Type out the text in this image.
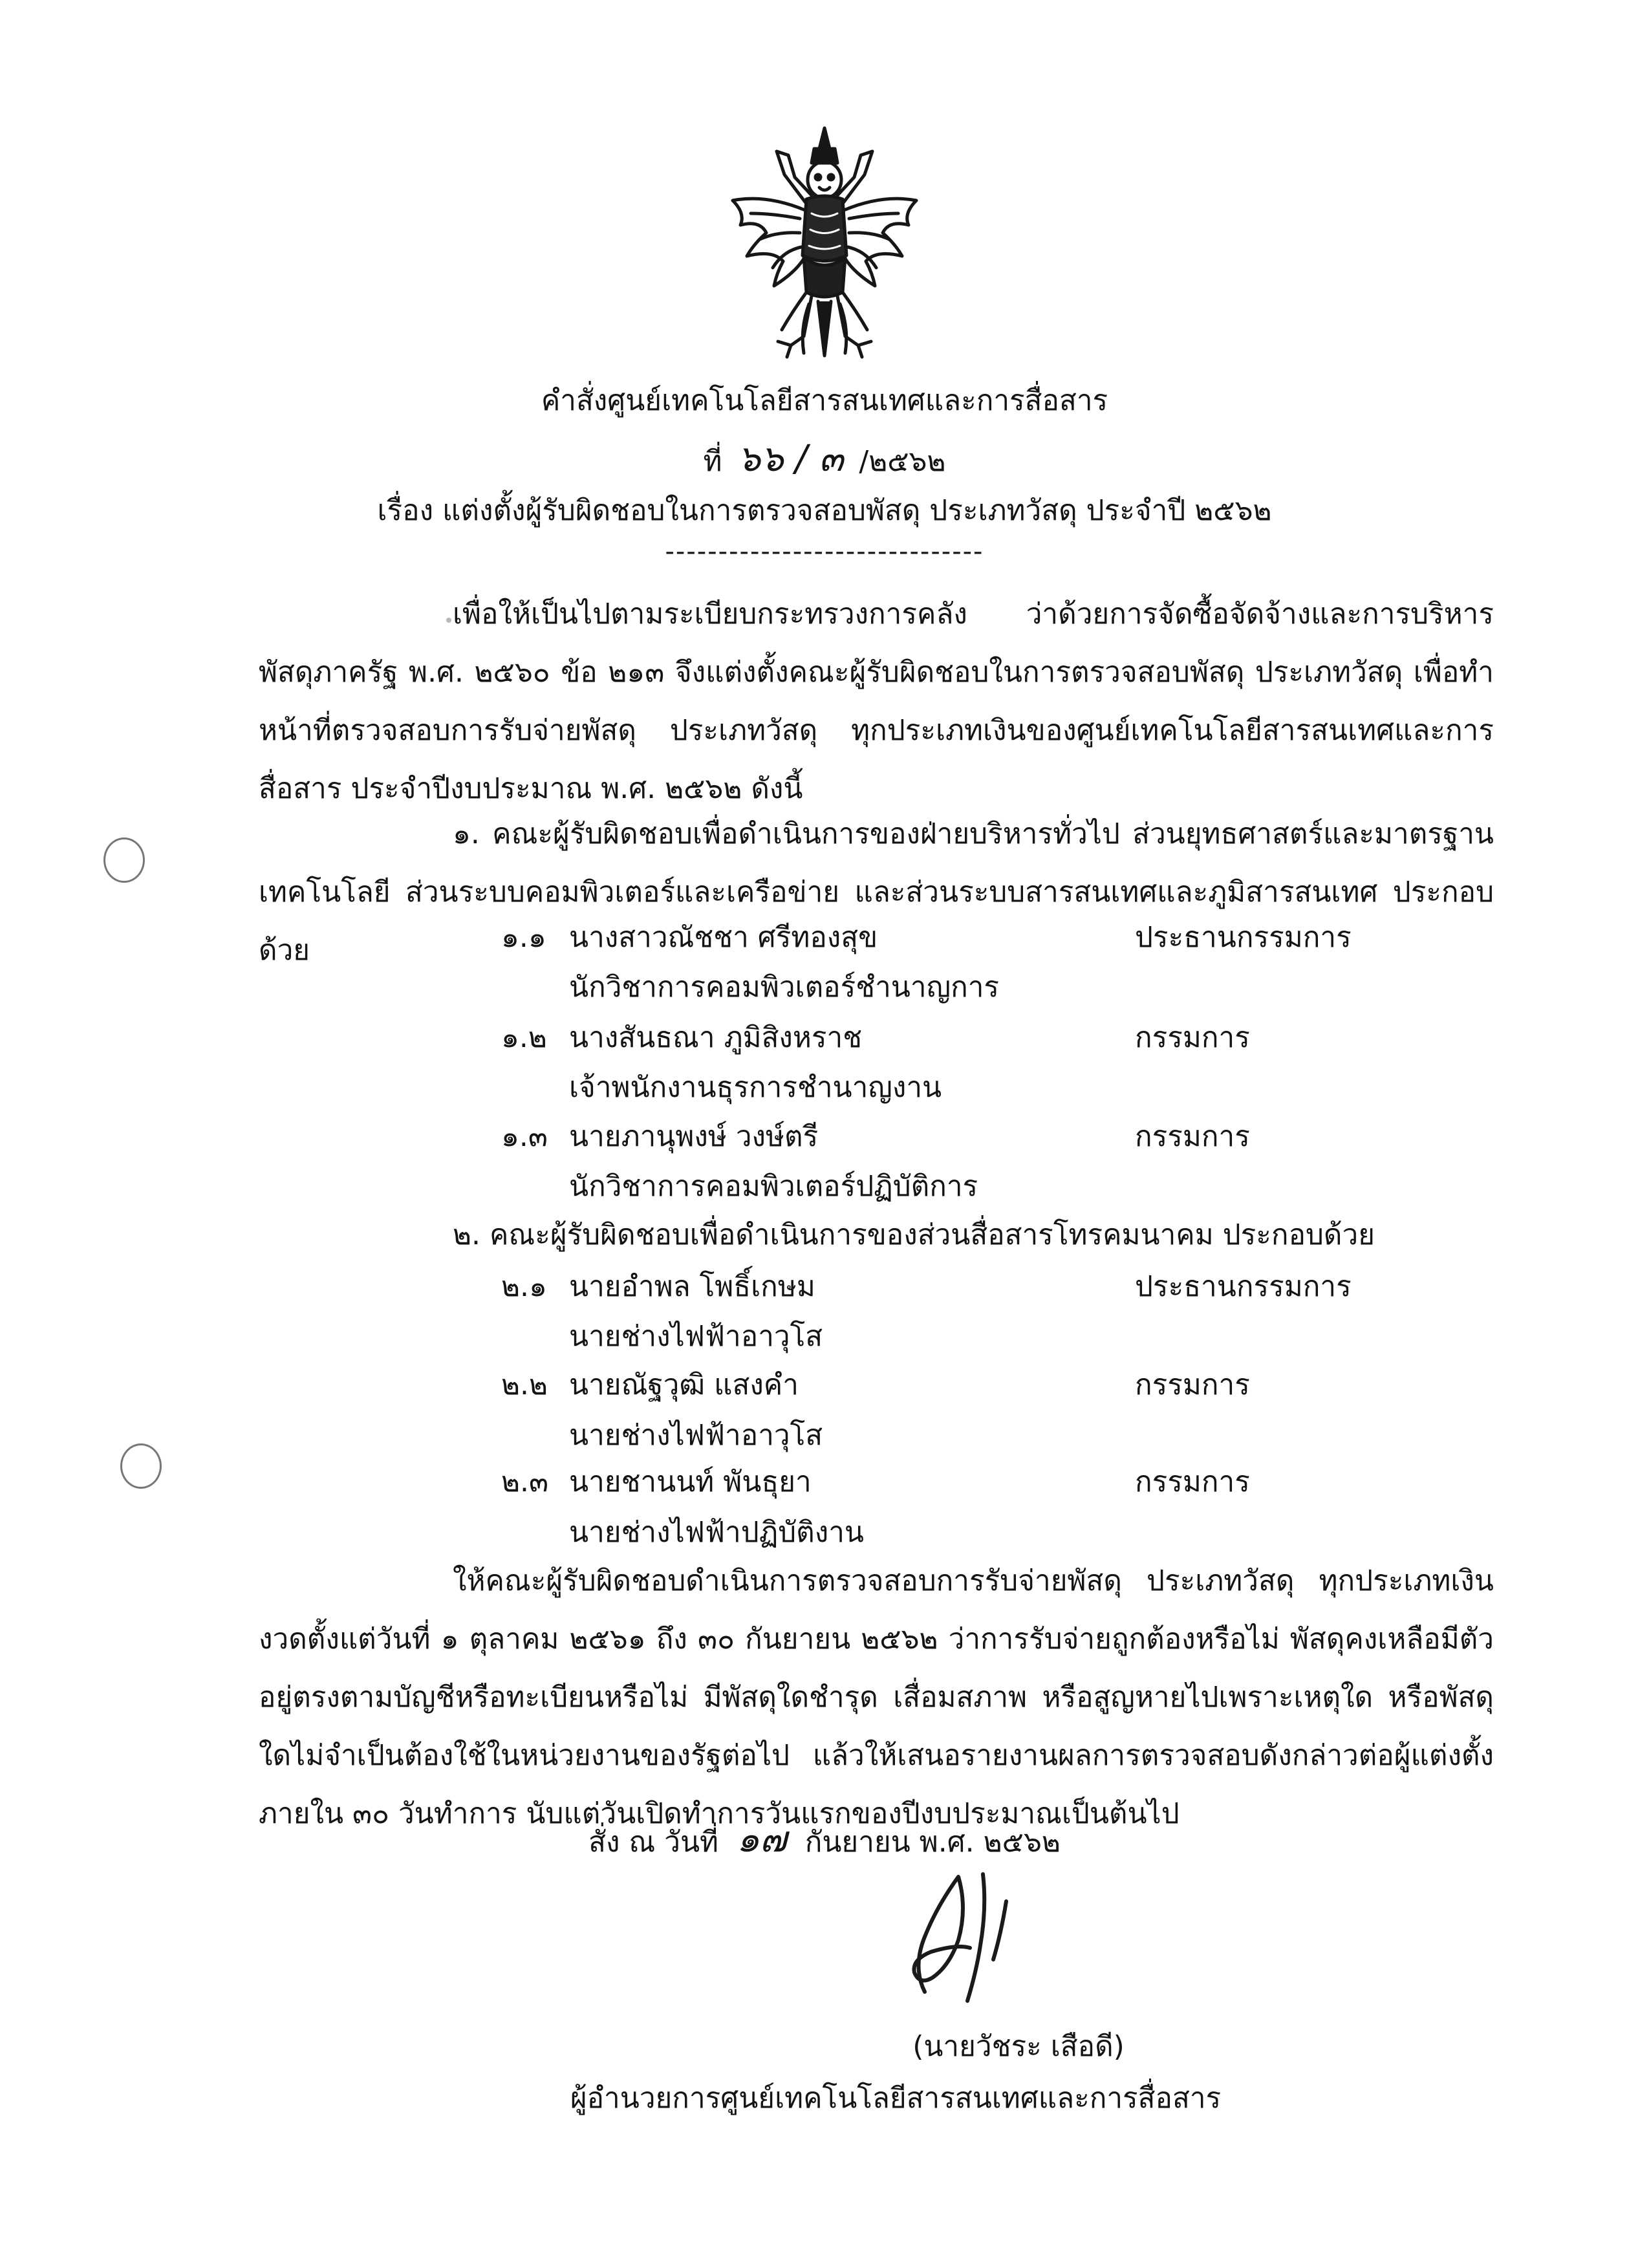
คำสั่งศูนย์เทคโนโลยีสารสนเทศและการสื่อสาร
ที่ ๖๖ / ๓ /๒๕๖๒
เรื่อง แต่งตั้งผู้รับผิดชอบในการตรวจสอบพัสดุ ประเภทวัสดุ ประจำปี ๒๕๖๒
------------------------------
เพื่อให้เป็นไปตามระเบียบกระทรวงการคลัง ว่าด้วยการจัดซื้อจัดจ้างและการบริหารพัสดุภาครัฐ พ.ศ. ๒๕๖๐ ข้อ ๒๑๓ จึงแต่งตั้งคณะผู้รับผิดชอบในการตรวจสอบพัสดุ ประเภทวัสดุ เพื่อทำหน้าที่ตรวจสอบการรับจ่ายพัสดุ ประเภทวัสดุ ทุกประเภทเงินของศูนย์เทคโนโลยีสารสนเทศและการสื่อสาร ประจำปีงบประมาณ พ.ศ. ๒๕๖๒ ดังนี้
๑. คณะผู้รับผิดชอบเพื่อดำเนินการของฝ่ายบริหารทั่วไป ส่วนยุทธศาสตร์และมาตรฐานเทคโนโลยี ส่วนระบบคอมพิวเตอร์และเครือข่าย และส่วนระบบสารสนเทศและภูมิสารสนเทศ ประกอบด้วย	๑.๑ นางสาวณัชชา ศรีทองสุข	ประธานกรรมการ
นักวิชาการคอมพิวเตอร์ชำนาญการ
๑.๒ นางสันธณา ภูมิสิงหราช	กรรมการ
เจ้าพนักงานธุรการชำนาญงาน
๑.๓ นายภานุพงษ์ วงษ์ตรี	กรรมการ
นักวิชาการคอมพิวเตอร์ปฏิบัติการ
๒. คณะผู้รับผิดชอบเพื่อดำเนินการของส่วนสื่อสารโทรคมนาคม ประกอบด้วย
๒.๑ นายอำพล โพธิ์เกษม	ประธานกรรมการ
นายช่างไฟฟ้าอาวุโส
๒.๒ นายณัฐวุฒิ แสงคำ	กรรมการ
นายช่างไฟฟ้าอาวุโส
๒.๓ นายชานนท์ พันธุยา	กรรมการ
นายช่างไฟฟ้าปฏิบัติงาน
ให้คณะผู้รับผิดชอบดำเนินการตรวจสอบการรับจ่ายพัสดุ ประเภทวัสดุ ทุกประเภทเงินงวดตั้งแต่วันที่ ๑ ตุลาคม ๒๕๖๑ ถึง ๓๐ กันยายน ๒๕๖๒ ว่าการรับจ่ายถูกต้องหรือไม่ พัสดุคงเหลือมีตัวอยู่ตรงตามบัญชีหรือทะเบียนหรือไม่ มีพัสดุใดชำรุด เสื่อมสภาพ หรือสูญหายไปเพราะเหตุใด หรือพัสดุใดไม่จำเป็นต้องใช้ในหน่วยงานของรัฐต่อไป แล้วให้เสนอรายงานผลการตรวจสอบดังกล่าวต่อผู้แต่งตั้งภายใน ๓๐ วันทำการ นับแต่วันเปิดทำการวันแรกของปีงบประมาณเป็นต้นไป
สั่ง ณ วันที่ ๑๗ กันยายน พ.ศ. ๒๕๖๒
(นายวัชระ เสือดี)
ผู้อำนวยการศูนย์เทคโนโลยีสารสนเทศและการสื่อสาร
